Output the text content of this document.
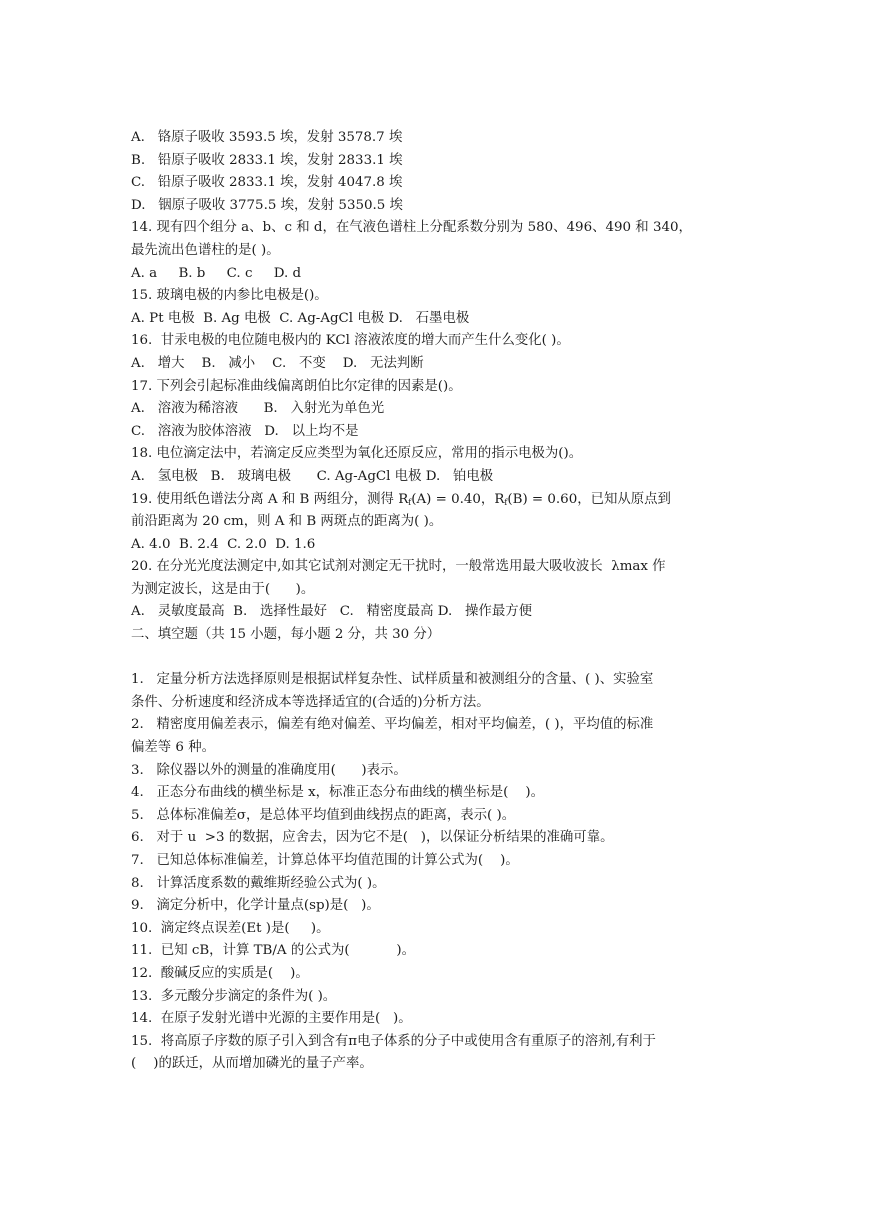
A.   铬原子吸收 3593.5 埃，发射 3578.7 埃
B.   铅原子吸收 2833.1 埃，发射 2833.1 埃
C.   铅原子吸收 2833.1 埃，发射 4047.8 埃
D.   铟原子吸收 3775.5 埃，发射 5350.5 埃
14. 现有四个组分 a、b、c 和 d，在气液色谱柱上分配系数分别为 580、496、490 和 340，
最先流出色谱柱的是( )。
A. a     B. b     C. c     D. d
15. 玻璃电极的内参比电极是()。
A. Pt 电极  B. Ag 电极  C. Ag-AgCl 电极 D.   石墨电极
16.  甘汞电极的电位随电极内的 KCl 溶液浓度的增大而产生什么变化( )。
A.   增大    B.   减小    C.   不变    D.   无法判断
17. 下列会引起标准曲线偏离朗伯比尔定律的因素是()。
A.   溶液为稀溶液      B.   入射光为单色光
C.   溶液为胶体溶液   D.   以上均不是
18. 电位滴定法中，若滴定反应类型为氧化还原反应，常用的指示电极为()。
A.   氢电极   B.   玻璃电极      C. Ag-AgCl 电极 D.   铂电极
19. 使用纸色谱法分离 A 和 B 两组分，测得 $R_f(A) = 0.40$，$R_f(B) = 0.60$，已知从原点到
前沿距离为 20 cm，则 A 和 B 两斑点的距离为( )。
A. 4.0  B. 2.4  C. 2.0  D. 1.6
20. 在分光光度法测定中,如其它试剂对测定无干扰时，一般常选用最大吸收波长  λmax 作
为测定波长，这是由于(      )。
A.   灵敏度最高  B.   选择性最好   C.   精密度最高 D.   操作最方便
二、填空题（共 15 小题，每小题 2 分，共 30 分）
1.   定量分析方法选择原则是根据试样复杂性、试样质量和被测组分的含量、( )、实验室
条件、分析速度和经济成本等选择适宜的(合适的)分析方法。
2.   精密度用偏差表示，偏差有绝对偏差、平均偏差，相对平均偏差，( )，平均值的标准
偏差等 6 种。
3.   除仪器以外的测量的准确度用(      )表示。
4.   正态分布曲线的横坐标是 x，标准正态分布曲线的横坐标是(    )。
5.   总体标准偏差σ，是总体平均值到曲线拐点的距离，表示( )。
6.   对于 u  >3 的数据，应舍去，因为它不是(   )，以保证分析结果的准确可靠。
7.   已知总体标准偏差，计算总体平均值范围的计算公式为(    )。
8.   计算活度系数的戴维斯经验公式为( )。
9.   滴定分析中，化学计量点(sp)是(   )。
10.  滴定终点误差(Et )是(     )。
11.  已知 cB，计算 TB/A 的公式为(           )。
12.  酸碱反应的实质是(    )。
13.  多元酸分步滴定的条件为( )。
14.  在原子发射光谱中光源的主要作用是(   )。
15.  将高原子序数的原子引入到含有π电子体系的分子中或使用含有重原子的溶剂,有利于
(    )的跃迁，从而增加磷光的量子产率。
